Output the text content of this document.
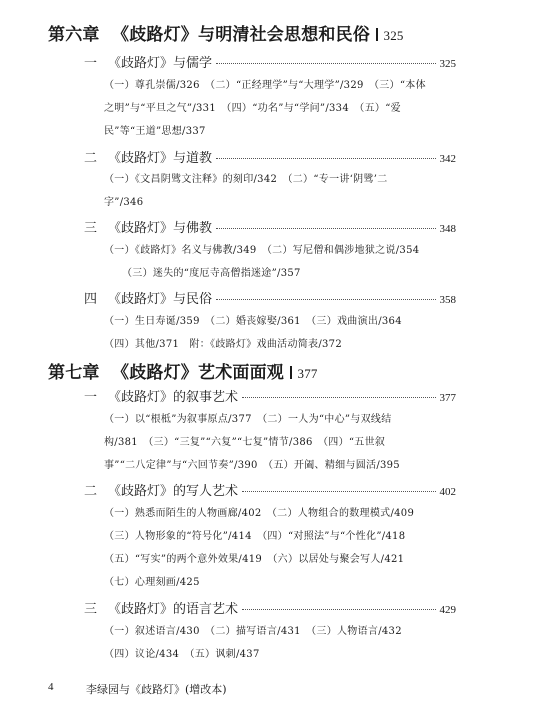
第六章 《歧路灯》与明清社会思想和民俗 325
一 《歧路灯》与儒学	325
（一）尊孔崇儒/326　（二）“正经理学”与“大理学”/329　（三）“本体
之明”与“平旦之气”/331　（四）“功名”与“学问”/334　（五）“爱
民”等“王道”思想/337
二 《歧路灯》与道教	342
（一）《文昌阴骘文注释》的刻印/342　（二）“专一讲‘阴骘’二
字”/346
三 《歧路灯》与佛教	348
（一）《歧路灯》名义与佛教/349　（二）写尼僧和偶涉地狱之说/354
（三）迷失的“度厄寺高僧指迷途”/357
四 《歧路灯》与民俗	358
（一）生日寿诞/359　（二）婚丧嫁娶/361　（三）戏曲演出/364
（四）其他/371　附：《歧路灯》戏曲活动简表/372
第七章 《歧路灯》艺术面面观 377
一 《歧路灯》的叙事艺术	377
（一）以“根柢”为叙事原点/377　（二）一人为“中心”与双线结
构/381　（三）“三复”“六复”“七复”情节/386　（四）“五世叙
事”“二八定律”与“六回节奏”/390　（五）开阖、精细与圆活/395
二 《歧路灯》的写人艺术	402
（一）熟悉而陌生的人物画廊/402　（二）人物组合的数理模式/409
（三）人物形象的“符号化”/414　（四）“对照法”与“个性化”/418
（五）“写实”的两个意外效果/419　（六）以居处与聚会写人/421
（七）心理刻画/425
三 《歧路灯》的语言艺术	429
（一）叙述语言/430　（二）描写语言/431　（三）人物语言/432
（四）议论/434　（五）讽刺/437
4	李绿园与《歧路灯》(增改本)
